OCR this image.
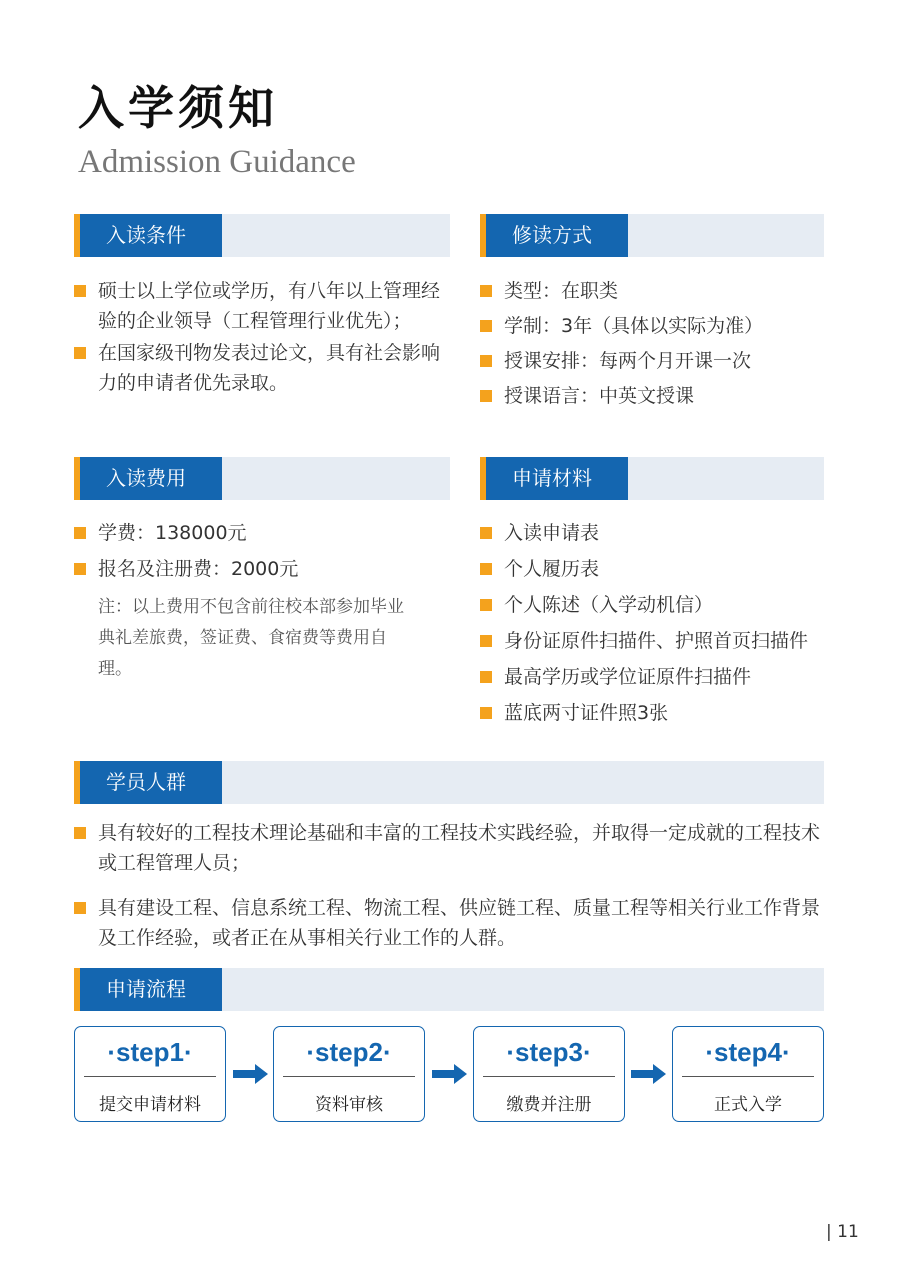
入学须知
Admission Guidance
入读条件
硕士以上学位或学历，有八年以上管理经验的企业领导（工程管理行业优先）；
在国家级刊物发表过论文，具有社会影响力的申请者优先录取。
修读方式
类型：在职类
学制：3年（具体以实际为准）
授课安排：每两个月开课一次
授课语言：中英文授课
入读费用
学费：138000元
报名及注册费：2000元
注：以上费用不包含前往校本部参加毕业典礼差旅费，签证费、食宿费等费用自理。
申请材料
入读申请表
个人履历表
个人陈述（入学动机信）
身份证原件扫描件、护照首页扫描件
最高学历或学位证原件扫描件
蓝底两寸证件照3张
学员人群
具有较好的工程技术理论基础和丰富的工程技术实践经验，并取得一定成就的工程技术或工程管理人员；
具有建设工程、信息系统工程、物流工程、供应链工程、质量工程等相关行业工作背景及工作经验，或者正在从事相关行业工作的人群。
申请流程
·step1·
提交申请材料
·step2·
资料审核
·step3·
缴费并注册
·step4·
正式入学
| 11
